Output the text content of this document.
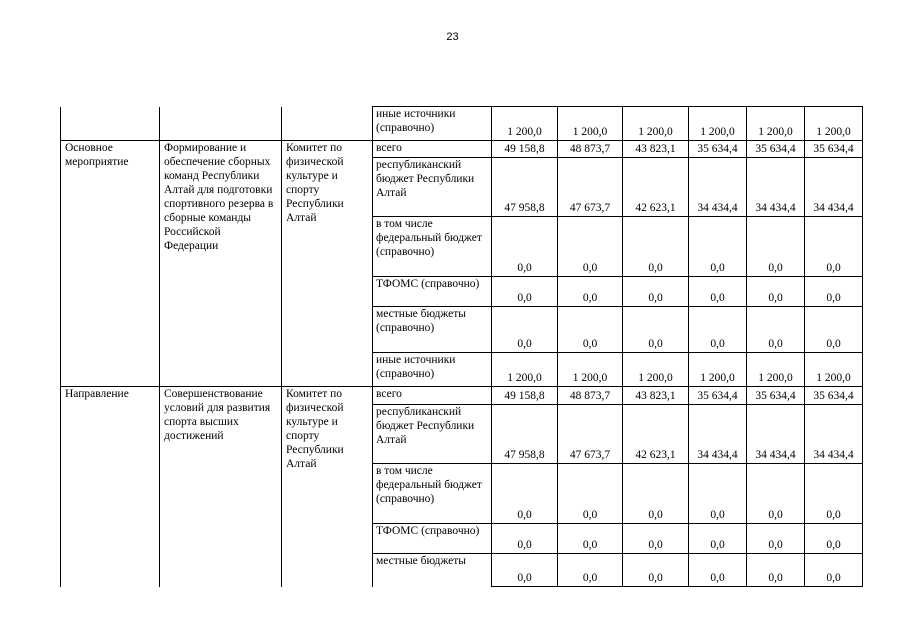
23
			иные источники (справочно)	1 200,0	1 200,0	1 200,0	1 200,0	1 200,0	1 200,0
Основное мероприятие	Формирование и обеспечение сборных команд Республики Алтай для подготовки спортивного резерва в сборные команды Российской Федерации	Комитет по физической культуре и спорту Республики Алтай	всего	49 158,8	48 873,7	43 823,1	35 634,4	35 634,4	35 634,4
			республиканский бюджет Республики Алтай	47 958,8	47 673,7	42 623,1	34 434,4	34 434,4	34 434,4
			в том числе федеральный бюджет (справочно)	0,0	0,0	0,0	0,0	0,0	0,0
			ТФОМС (справочно)	0,0	0,0	0,0	0,0	0,0	0,0
			местные бюджеты (справочно)	0,0	0,0	0,0	0,0	0,0	0,0
			иные источники (справочно)	1 200,0	1 200,0	1 200,0	1 200,0	1 200,0	1 200,0
Направление	Совершенствование условий для развития спорта высших достижений	Комитет по физической культуре и спорту Республики Алтай	всего	49 158,8	48 873,7	43 823,1	35 634,4	35 634,4	35 634,4
			республиканский бюджет Республики Алтай	47 958,8	47 673,7	42 623,1	34 434,4	34 434,4	34 434,4
			в том числе федеральный бюджет (справочно)	0,0	0,0	0,0	0,0	0,0	0,0
			ТФОМС (справочно)	0,0	0,0	0,0	0,0	0,0	0,0
			местные бюджеты	0,0	0,0	0,0	0,0	0,0	0,0
